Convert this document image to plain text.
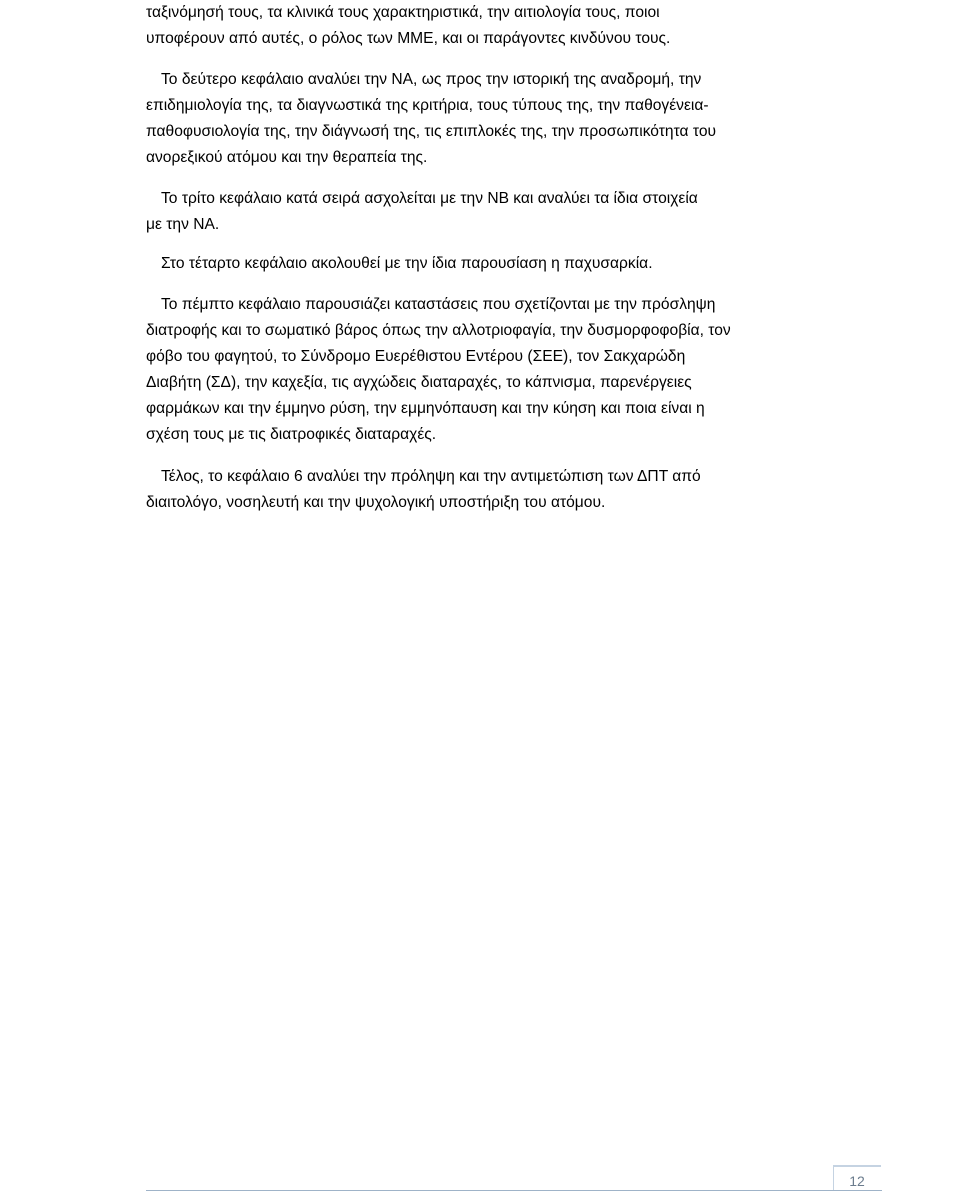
ταξινόμησή τους, τα κλινικά τους χαρακτηριστικά, την αιτιολογία τους, ποιοι
υποφέρουν από αυτές, ο ρόλος των ΜΜΕ, και οι παράγοντες κινδύνου τους.

Το δεύτερο κεφάλαιο αναλύει την ΝΑ, ως προς την ιστορική της αναδρομή, την
επιδημιολογία της, τα διαγνωστικά της κριτήρια, τους τύπους της, την παθογένεια-
παθοφυσιολογία της, την διάγνωσή της, τις επιπλοκές της, την προσωπικότητα του
ανορεξικού ατόμου και την θεραπεία της.

Το τρίτο κεφάλαιο κατά σειρά ασχολείται με την ΝΒ και αναλύει τα ίδια στοιχεία
με την ΝΑ.

Στο τέταρτο κεφάλαιο ακολουθεί με την ίδια παρουσίαση η παχυσαρκία.

Το πέμπτο κεφάλαιο παρουσιάζει καταστάσεις που σχετίζονται με την πρόσληψη
διατροφής και το σωματικό βάρος όπως την αλλοτριοφαγία, την δυσμορφοφοβία, τον
φόβο του φαγητού, το Σύνδρομο Ευερέθιστου Εντέρου (ΣΕΕ), τον Σακχαρώδη
Διαβήτη (ΣΔ), την καχεξία, τις αγχώδεις διαταραχές, το κάπνισμα, παρενέργειες
φαρμάκων και την έμμηνο ρύση, την εμμηνόπαυση και την κύηση και ποια είναι η
σχέση τους με τις διατροφικές διαταραχές.

Τέλος, το κεφάλαιο 6 αναλύει την πρόληψη και την αντιμετώπιση των ΔΠΤ από
διαιτολόγο, νοσηλευτή και την ψυχολογική υποστήριξη του ατόμου.

12
